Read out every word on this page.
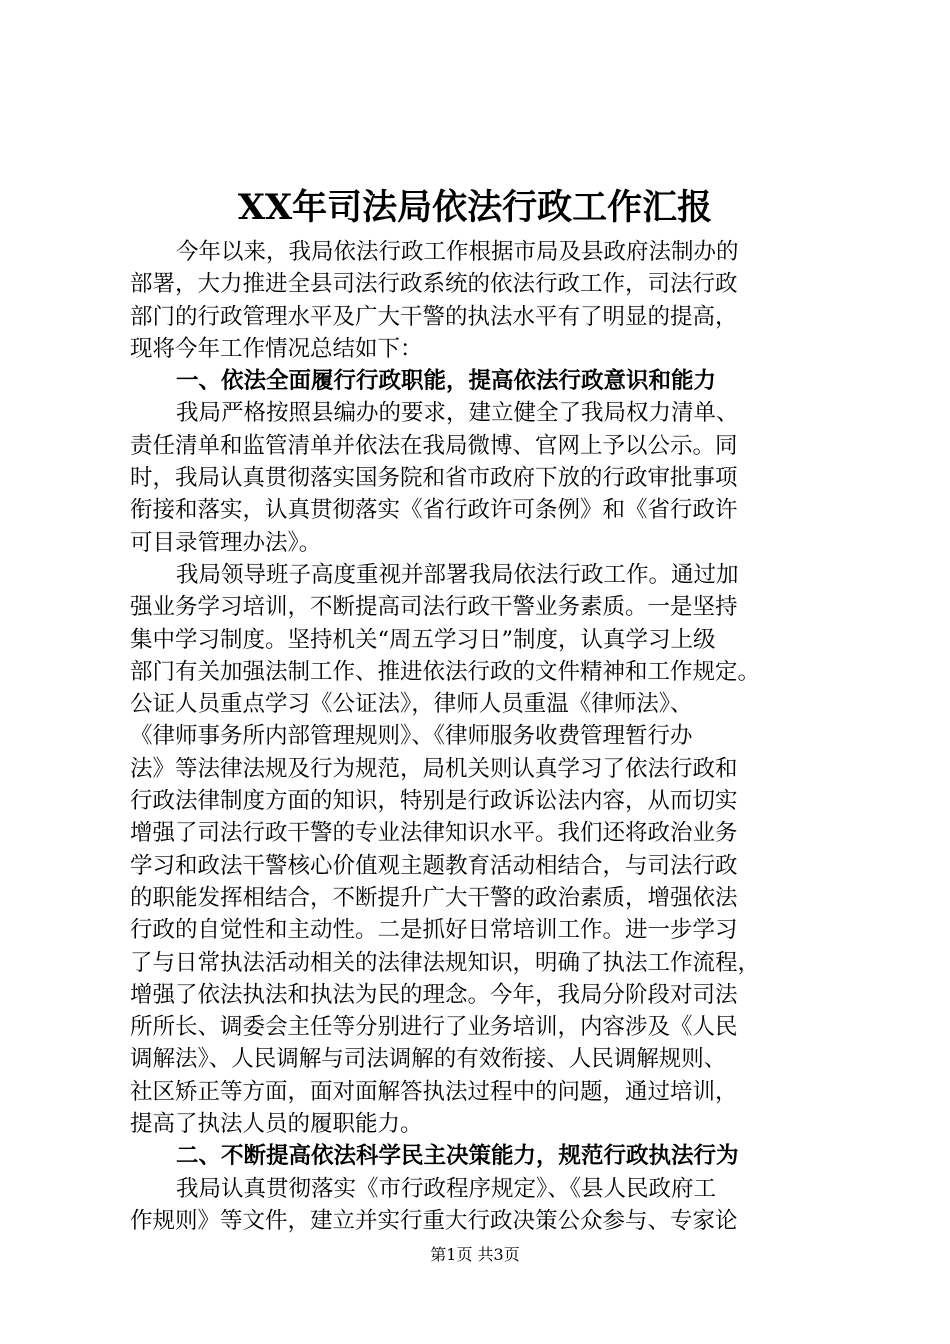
XX年司法局依法行政工作汇报
今年以来，我局依法行政工作根据市局及县政府法制办的
部署，大力推进全县司法行政系统的依法行政工作，司法行政
部门的行政管理水平及广大干警的执法水平有了明显的提高，
现将今年工作情况总结如下：
一、依法全面履行行政职能，提高依法行政意识和能力
我局严格按照县编办的要求，建立健全了我局权力清单、
责任清单和监管清单并依法在我局微博、官网上予以公示。同
时，我局认真贯彻落实国务院和省市政府下放的行政审批事项
衔接和落实，认真贯彻落实《省行政许可条例》和《省行政许
可目录管理办法》。
我局领导班子高度重视并部署我局依法行政工作。通过加
强业务学习培训，不断提高司法行政干警业务素质。一是坚持
集中学习制度。坚持机关“周五学习日”制度，认真学习上级
部门有关加强法制工作、推进依法行政的文件精神和工作规定。
公证人员重点学习《公证法》，律师人员重温《律师法》、
《律师事务所内部管理规则》、《律师服务收费管理暂行办
法》等法律法规及行为规范，局机关则认真学习了依法行政和
行政法律制度方面的知识，特别是行政诉讼法内容，从而切实
增强了司法行政干警的专业法律知识水平。我们还将政治业务
学习和政法干警核心价值观主题教育活动相结合，与司法行政
的职能发挥相结合，不断提升广大干警的政治素质，增强依法
行政的自觉性和主动性。二是抓好日常培训工作。进一步学习
了与日常执法活动相关的法律法规知识，明确了执法工作流程，
增强了依法执法和执法为民的理念。今年，我局分阶段对司法
所所长、调委会主任等分别进行了业务培训，内容涉及《人民
调解法》、人民调解与司法调解的有效衔接、人民调解规则、
社区矫正等方面，面对面解答执法过程中的问题，通过培训，
提高了执法人员的履职能力。
二、不断提高依法科学民主决策能力，规范行政执法行为
我局认真贯彻落实《市行政程序规定》、《县人民政府工
作规则》等文件，建立并实行重大行政决策公众参与、专家论
第1页 共3页
